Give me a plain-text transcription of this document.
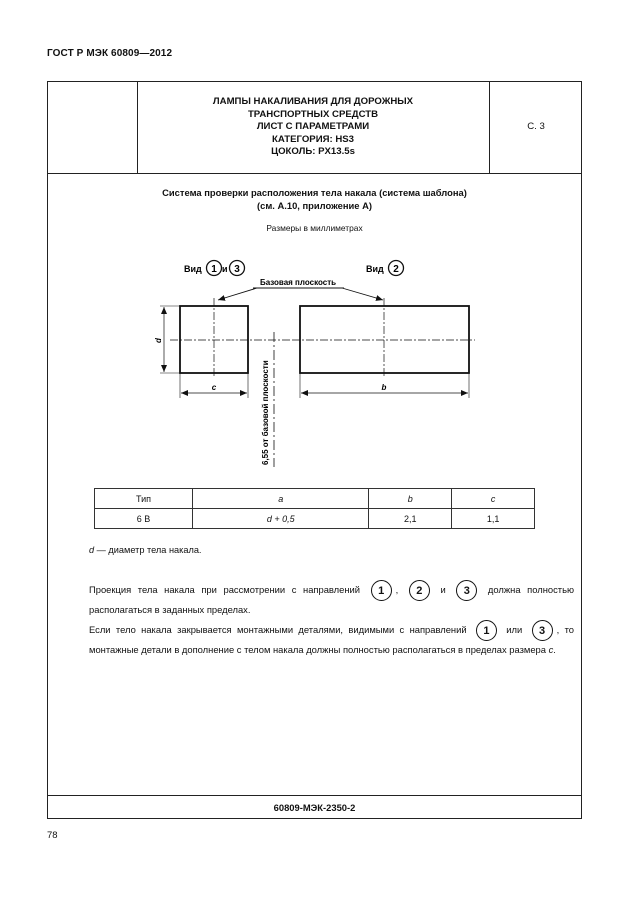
ГОСТ Р МЭК 60809—2012
ЛАМПЫ НАКАЛИВАНИЯ ДЛЯ ДОРОЖНЫХ
ТРАНСПОРТНЫХ СРЕДСТВ
ЛИСТ С ПАРАМЕТРАМИ
КАТЕГОРИЯ: HS3
ЦОКОЛЬ: PX13.5s
С. 3
Система проверки расположения тела накала (система шаблона)
(см. А.10, приложение А)
Размеры в миллиметрах
Вид 1 и 3	Вид 2
Базовая плоскость
6,55 от базовой плоскости
d
c	b
Тип	a	b	c
6 В	d + 0,5	2,1	1,1
d — диаметр тела накала.
Проекция тела накала при рассмотрении с направлений 1 , 2 и 3 должна полностью располагаться в заданных пределах.
Если тело накала закрывается монтажными деталями, видимыми с направлений 1 или 3 , то монтажные детали в дополнение с телом накала должны полностью располагаться в пределах размера c.
60809-МЭК-2350-2
78
